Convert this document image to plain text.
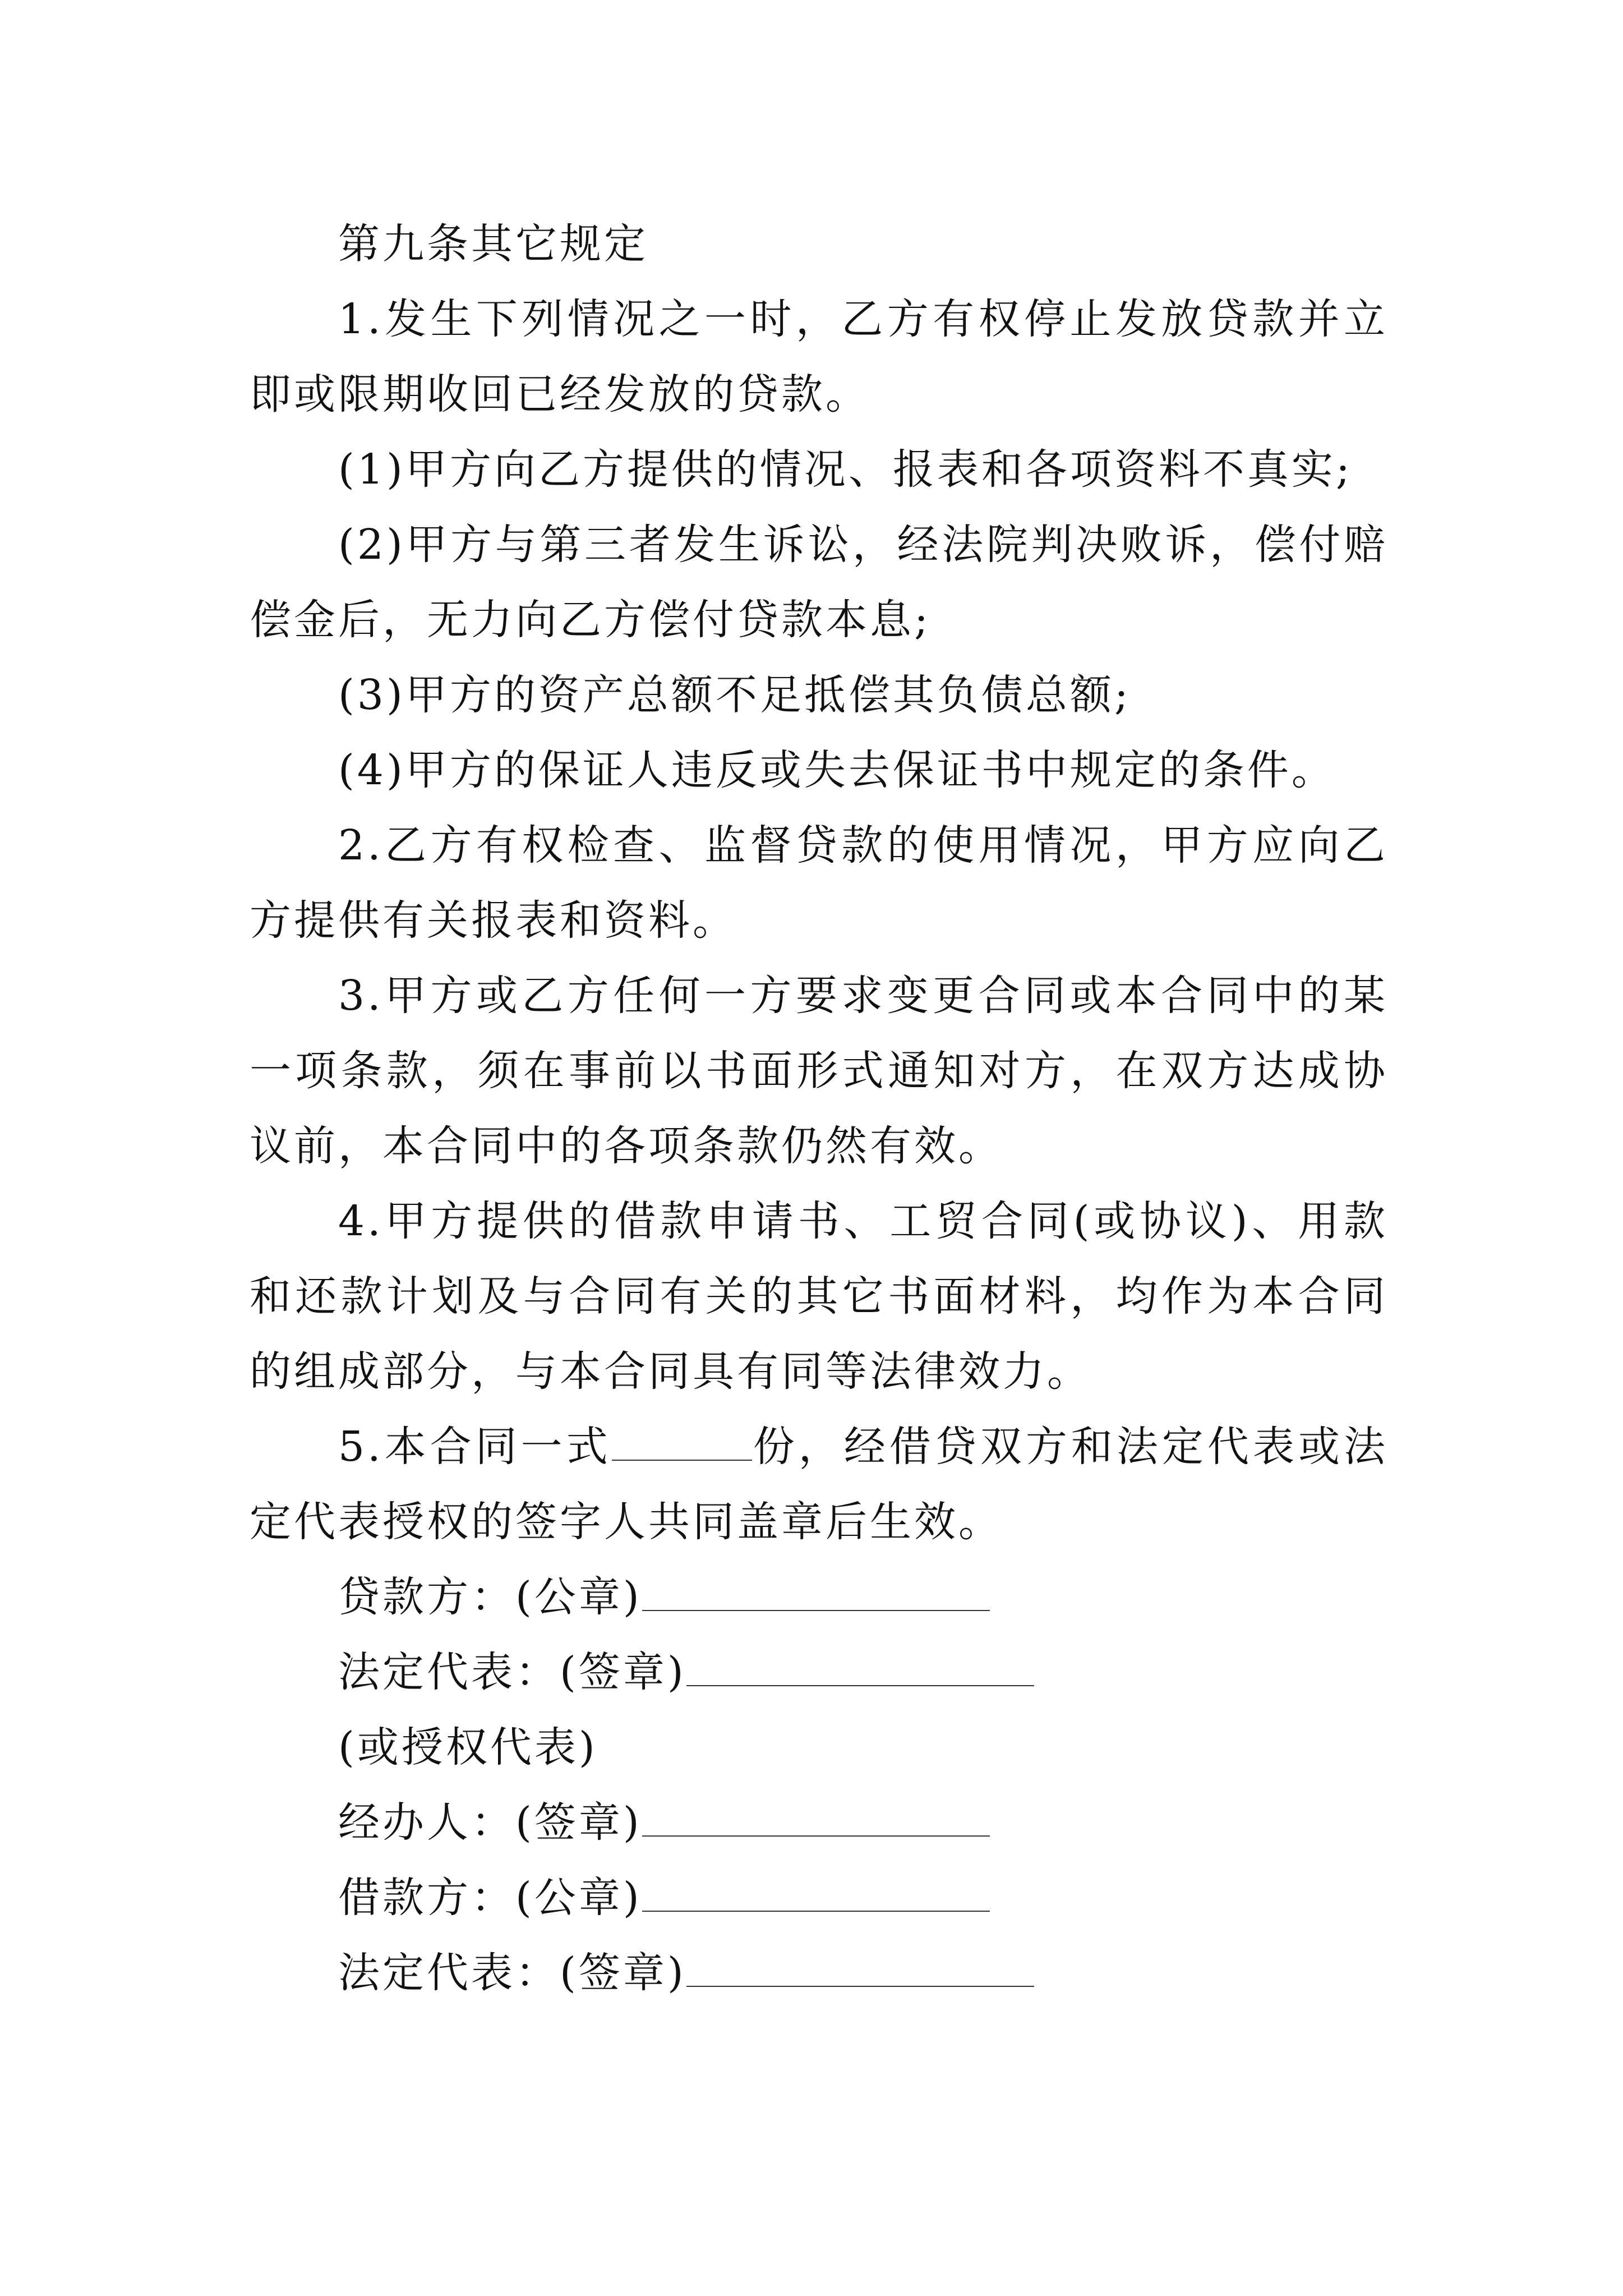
第九条其它规定

1.发生下列情况之一时，乙方有权停止发放贷款并立即或限期收回已经发放的贷款。

(1)甲方向乙方提供的情况、报表和各项资料不真实;

(2)甲方与第三者发生诉讼，经法院判决败诉，偿付赔偿金后，无力向乙方偿付贷款本息;

(3)甲方的资产总额不足抵偿其负债总额;

(4)甲方的保证人违反或失去保证书中规定的条件。

2.乙方有权检查、监督贷款的使用情况，甲方应向乙方提供有关报表和资料。

3.甲方或乙方任何一方要求变更合同或本合同中的某一项条款，须在事前以书面形式通知对方，在双方达成协议前，本合同中的各项条款仍然有效。

4.甲方提供的借款申请书、工贸合同(或协议)、用款和还款计划及与合同有关的其它书面材料，均作为本合同的组成部分，与本合同具有同等法律效力。

5.本合同一式	份，经借贷双方和法定代表或法定代表授权的签字人共同盖章后生效。

贷款方：(公章)

法定代表：(签章)

(或授权代表)

经办人：(签章)

借款方：(公章)

法定代表：(签章)
